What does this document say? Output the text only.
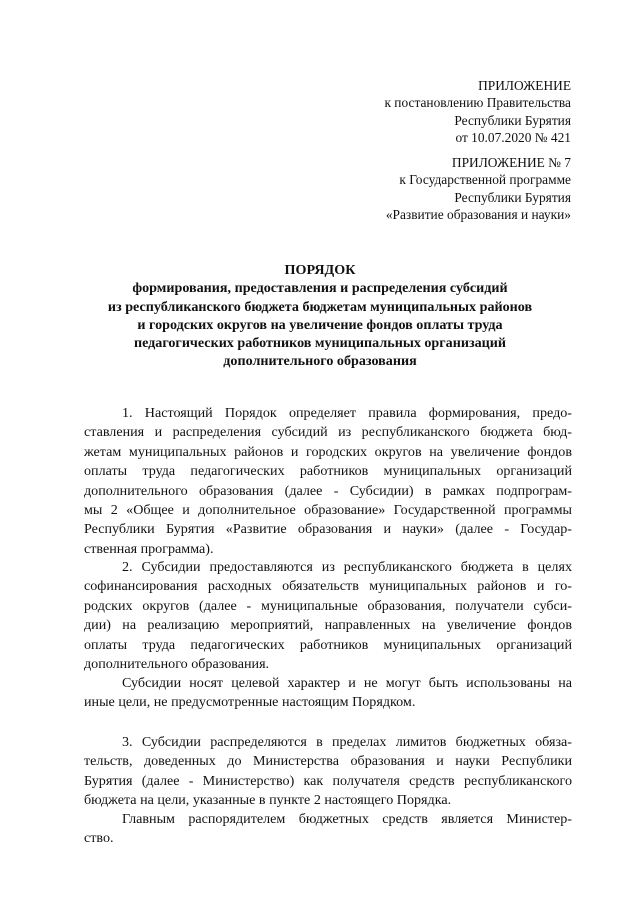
ПРИЛОЖЕНИЕ
к постановлению Правительства
Республики Бурятия
от 10.07.2020 № 421
ПРИЛОЖЕНИЕ № 7
к Государственной программе
Республики Бурятия
«Развитие образования и науки»
ПОРЯДОК
формирования, предоставления и распределения субсидий
из республиканского бюджета бюджетам муниципальных районов
и городских округов на увеличение фондов оплаты труда
педагогических работников муниципальных организаций
дополнительного образования
1. Настоящий Порядок определяет правила формирования, предо-
ставления и распределения субсидий из республиканского бюджета бюд-
жетам муниципальных районов и городских округов на увеличение фондов
оплаты труда педагогических работников муниципальных организаций
дополнительного образования (далее - Субсидии) в рамках подпрограм-
мы 2 «Общее и дополнительное образование» Государственной программы
Республики Бурятия «Развитие образования и науки» (далее - Государ-
ственная программа).
2. Субсидии предоставляются из республиканского бюджета в целях
софинансирования расходных обязательств муниципальных районов и го-
родских округов (далее - муниципальные образования, получатели субси-
дии) на реализацию мероприятий, направленных на увеличение фондов
оплаты труда педагогических работников муниципальных организаций
дополнительного образования.
Субсидии носят целевой характер и не могут быть использованы на
иные цели, не предусмотренные настоящим Порядком.
3. Субсидии распределяются в пределах лимитов бюджетных обяза-
тельств, доведенных до Министерства образования и науки Республики
Бурятия (далее - Министерство) как получателя средств республиканского
бюджета на цели, указанные в пункте 2 настоящего Порядка.
Главным распорядителем бюджетных средств является Министер-
ство.
